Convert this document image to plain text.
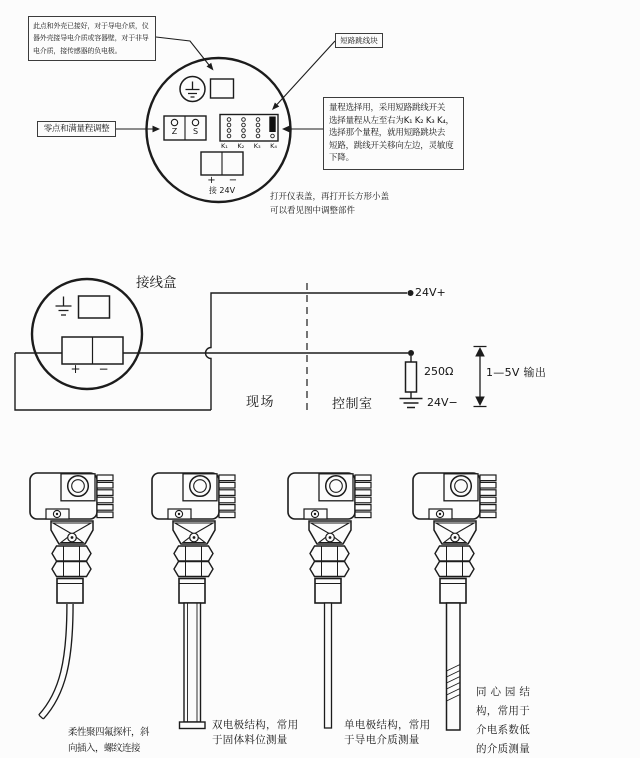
此点和外壳已接好，对于导电介质，仪
器外壳接导电介质或容器壁，对于非导
电介质，接传感器的负电极。
短路跳线块
零点和满量程调整
量程选择用，采用短路跳线开关
选择量程从左至右为K₁ K₂ K₃ K₄，
选择那个量程，就用短路跳块去
短路，跳线开关移向左边，灵敏度
下降。
打开仪表盖，再打开长方形小盖
可以看见图中调整部件
Z	S
K₁ K₂ K₃ K₄
+	−
接 24V
接线盒
+ −
24V+
250Ω
24V−
1—5V 输出
现场	控制室
柔性聚四氟探杆，斜
向插入，螺纹连接
双电极结构，常用
于固体料位测量
单电极结构，常用
于导电介质测量
同 心 园 结
构，常用于
介电系数低
的介质测量
